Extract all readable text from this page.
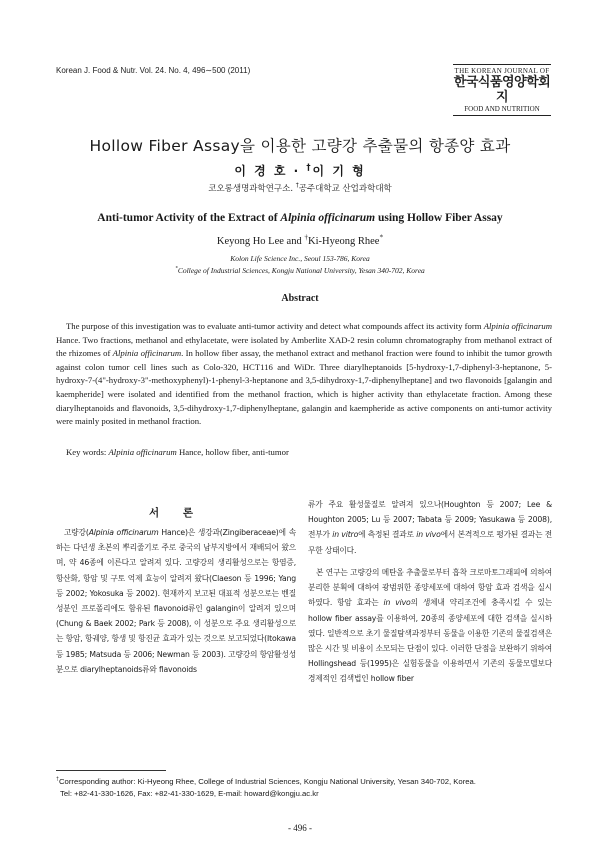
Korean J. Food & Nutr. Vol. 24. No. 4, 496∼500 (2011)	THE KOREAN JOURNAL OF
한국식품영양학회지
FOOD AND NUTRITION
Hollow Fiber Assay을 이용한 고량강 추출물의 항종양 효과
이 경 호 · †이 기 형
코오롱생명과학연구소. †공주대학교 산업과학대학
Anti-tumor Activity of the Extract of Alpinia officinarum using Hollow Fiber Assay
Keyong Ho Lee and †Ki-Hyeong Rhee*
Kolon Life Science Inc., Seoul 153-786, Korea
*College of Industrial Sciences, Kongju National University, Yesan 340-702, Korea
Abstract
The purpose of this investigation was to evaluate anti-tumor activity and detect what compounds affect its activity form Alpinia officinarum Hance. Two fractions, methanol and ethylacetate, were isolated by Amberlite XAD-2 resin column chromatography from methanol extract of the rhizomes of Alpinia officinarum. In hollow fiber assay, the methanol extract and methanol fraction were found to inhibit the tumor growth against colon tumor cell lines such as Colo-320, HCT116 and WiDr. Three diarylheptanoids [5-hydroxy-1,7-diphenyl-3-heptanone, 5-hydroxy-7-(4"-hydroxy-3"-methoxyphenyl)-1-phenyl-3-heptanone and 3,5-dihydroxy-1,7-diphenylheptane] and two flavonoids [galangin and kaempheride] were isolated and identified from the methanol fraction, which is higher activity than ethylacetate fraction. Among these diarylheptanoids and flavonoids, 3,5-dihydroxy-1,7-diphenylheptane, galangin and kaempheride as active components on anti-tumor activity were mainly posited in methanol fraction.
Key words: Alpinia officinarum Hance, hollow fiber, anti-tumor
서 론
고량강(Alpinia officinarum Hance)은 생강과(Zingiberaceae)에 속하는 다년생 초본의 뿌리줄기로 주로 중국의 남부지방에서 재배되어 왔으며, 약 46종에 이른다고 알려져 있다. 고량강의 생리활성으로는 항염증, 항산화, 항암 및 구토 억제 효능이 알려져 왔다(Claeson 등 1996; Yang 등 2002; Yokosuka 등 2002). 현재까지 보고된 대표적 성분으로는 벤질성분인 프로폴리에도 함유된 flavonoid류인 galangin이 알려져 있으며(Chung & Baek 2002; Park 등 2008), 이 성분으로 주요 생리활성으로는 항암, 항궤양, 항생 및 항진균 효과가 있는 것으로 보고되었다(Itokawa 등 1985; Matsuda 등 2006; Newman 등 2003). 고량강의 항암활성성분으로 diarylheptanoids류와 flavonoids
류가 주요 활성물질로 알려져 있으나(Houghton 등 2007; Lee & Houghton 2005; Lu 등 2007; Tabata 등 2009; Yasukawa 등 2008), 전부가 in vitro에 측정된 결과로 in vivo에서 본격적으로 평가된 결과는 전무한 상태이다.
본 연구는 고량강의 메탄올 추출물로부터 흡착 크로마토그래피에 의하여 분리한 분획에 대하여 광범위한 종양세포에 대하여 항암 효과 검색을 실시하였다. 항암 효과는 in vivo의 생체내 약리조건에 충족시킬 수 있는 hollow fiber assay를 이용하여, 20종의 종양세포에 대한 검색을 실시하였다. 일반적으로 초기 물질탐색과정부터 동물을 이용한 기존의 물질검색은 많은 시간 및 비용이 소모되는 단점이 있다. 이러한 단점을 보완하기 위하여 Hollingshead 등(1995)은 실험동물을 이용하면서 기존의 동물모델보다 경제적인 검색법인 hollow fiber
†Corresponding author: Ki-Hyeong Rhee, College of Industrial Sciences, Kongju National University, Yesan 340-702, Korea.
Tel: +82-41-330-1626, Fax: +82-41-330-1629, E-mail: howard@kongju.ac.kr
- 496 -
